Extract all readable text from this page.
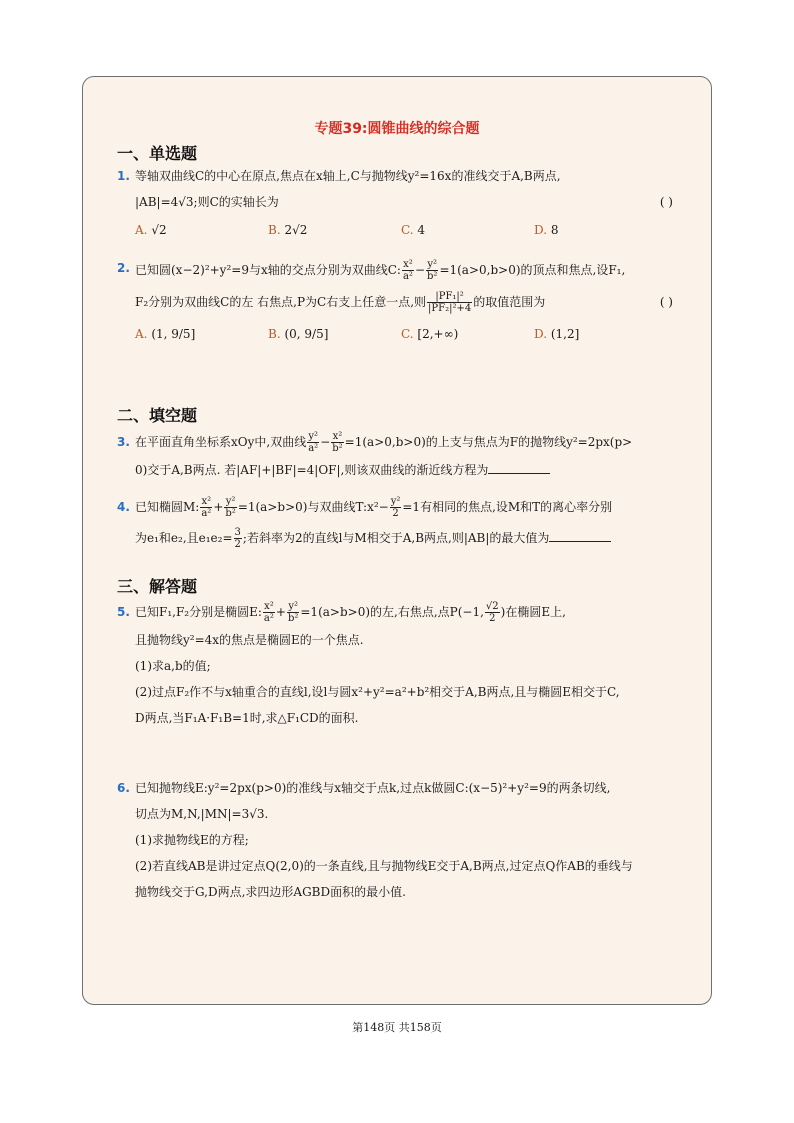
专题39:圆锥曲线的综合题
一、单选题
1. 等轴双曲线C的中心在原点,焦点在x轴上,C与抛物线y²=16x的准线交于A,B两点,
|AB|=4√3;则C的实轴长为	( )
A. √2	B. 2√2	C. 4	D. 8
2. 已知圆(x−2)²+y²=9与x轴的交点分别为双曲线C: $\frac{\text{x²}}{\text{a²}} - \frac{\text{y²}}{\text{b²}} =1(a>0,b>0)$的顶点和焦点,设F₁,
F₂分别为双曲线C的左 右焦点,P为C右支上任意一点,则 $\frac{\text{|PF₁|²}}{\text{|PF₂|²+4}}$ 的取值范围为	( )
A. (1, 9/5]	B. (0, 9/5]	C. [2,+∞)	D. (1,2]
二、填空题
3. 在平面直角坐标系xOy中,双曲线 $\frac{\text{y²}}{\text{a²}} - \frac{\text{x²}}{\text{b²}} =1(a>0,b>0)$的上支与焦点为F的抛物线y²=2px(p>
0)交于A,B两点. 若|AF|+|BF|=4|OF|,则该双曲线的渐近线方程为
4. 已知椭圆M: $\frac{\text{x²}}{\text{a²}} + \frac{\text{y²}}{\text{b²}} =1(a>b>0)$与双曲线T:x²− $\frac{\text{y²}}{2} =1$有相同的焦点,设M和T的离心率分别
为e₁和e₂,且$e_1e_2= \frac{3}{2}$ ;若斜率为2的直线l与M相交于A,B两点,则|AB|的最大值为
三、解答题
5. 已知F₁,F₂分别是椭圆E: $\frac{\text{x²}}{\text{a²}} + \frac{\text{y²}}{\text{b²}} =1(a>b>0)$的左,右焦点,点P(−1, $\frac{√2}{2}$ )在椭圆E上,
且抛物线y²=4x的焦点是椭圆E的一个焦点.
(1)求a,b的值;
(2)过点F₂作不与x轴重合的直线l,设l与圆x²+y²=a²+b²相交于A,B两点,且与椭圆E相交于C,
D两点,当F₁A·F₁B=1时,求△F₁CD的面积.
6. 已知抛物线E:y²=2px(p>0)的准线与x轴交于点k,过点k做圆C:(x−5)²+y²=9的两条切线,
切点为M,N,|MN|=3√3.
(1)求抛物线E的方程;
(2)若直线AB是讲过定点Q(2,0)的一条直线,且与抛物线E交于A,B两点,过定点Q作AB的垂线与
抛物线交于G,D两点,求四边形AGBD面积的最小值.
第148页 共158页
